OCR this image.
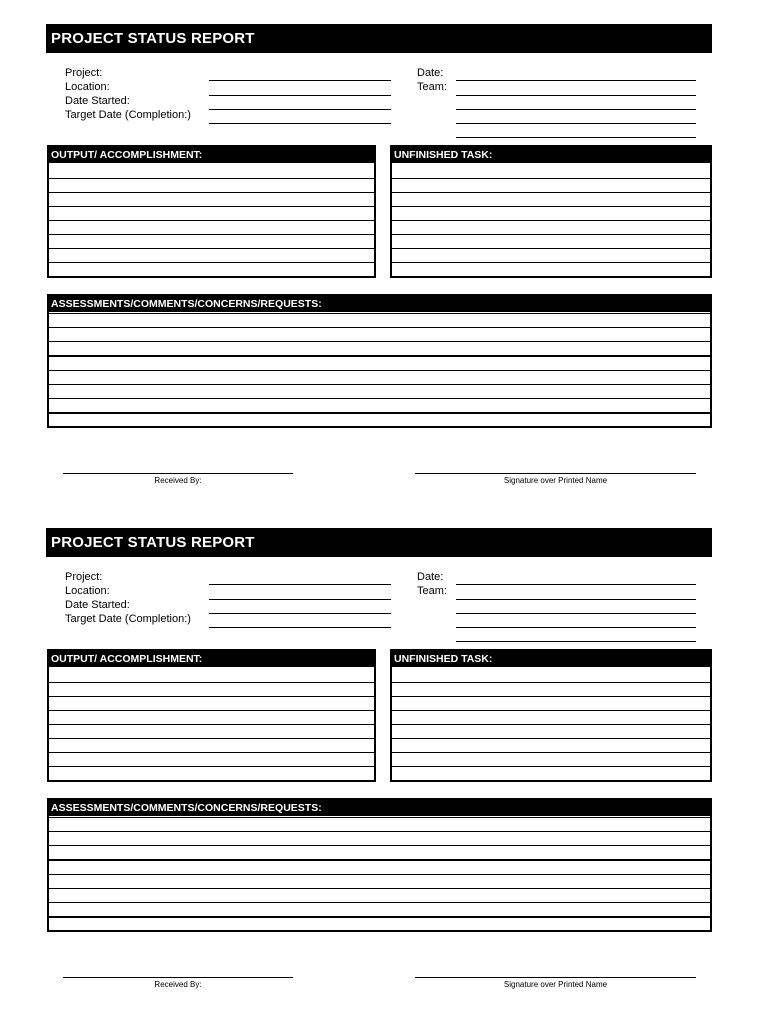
PROJECT STATUS REPORT
Project:
Location:
Date Started:
Target Date (Completion:)
Date:
Team:
OUTPUT/ ACCOMPLISHMENT:	UNFINISHED TASK:
ASSESSMENTS/COMMENTS/CONCERNS/REQUESTS:
Received By:	Signature over Printed Name
PROJECT STATUS REPORT
Project:
Location:
Date Started:
Target Date (Completion:)
Date:
Team:
OUTPUT/ ACCOMPLISHMENT:	UNFINISHED TASK:
ASSESSMENTS/COMMENTS/CONCERNS/REQUESTS:
Received By:	Signature over Printed Name
